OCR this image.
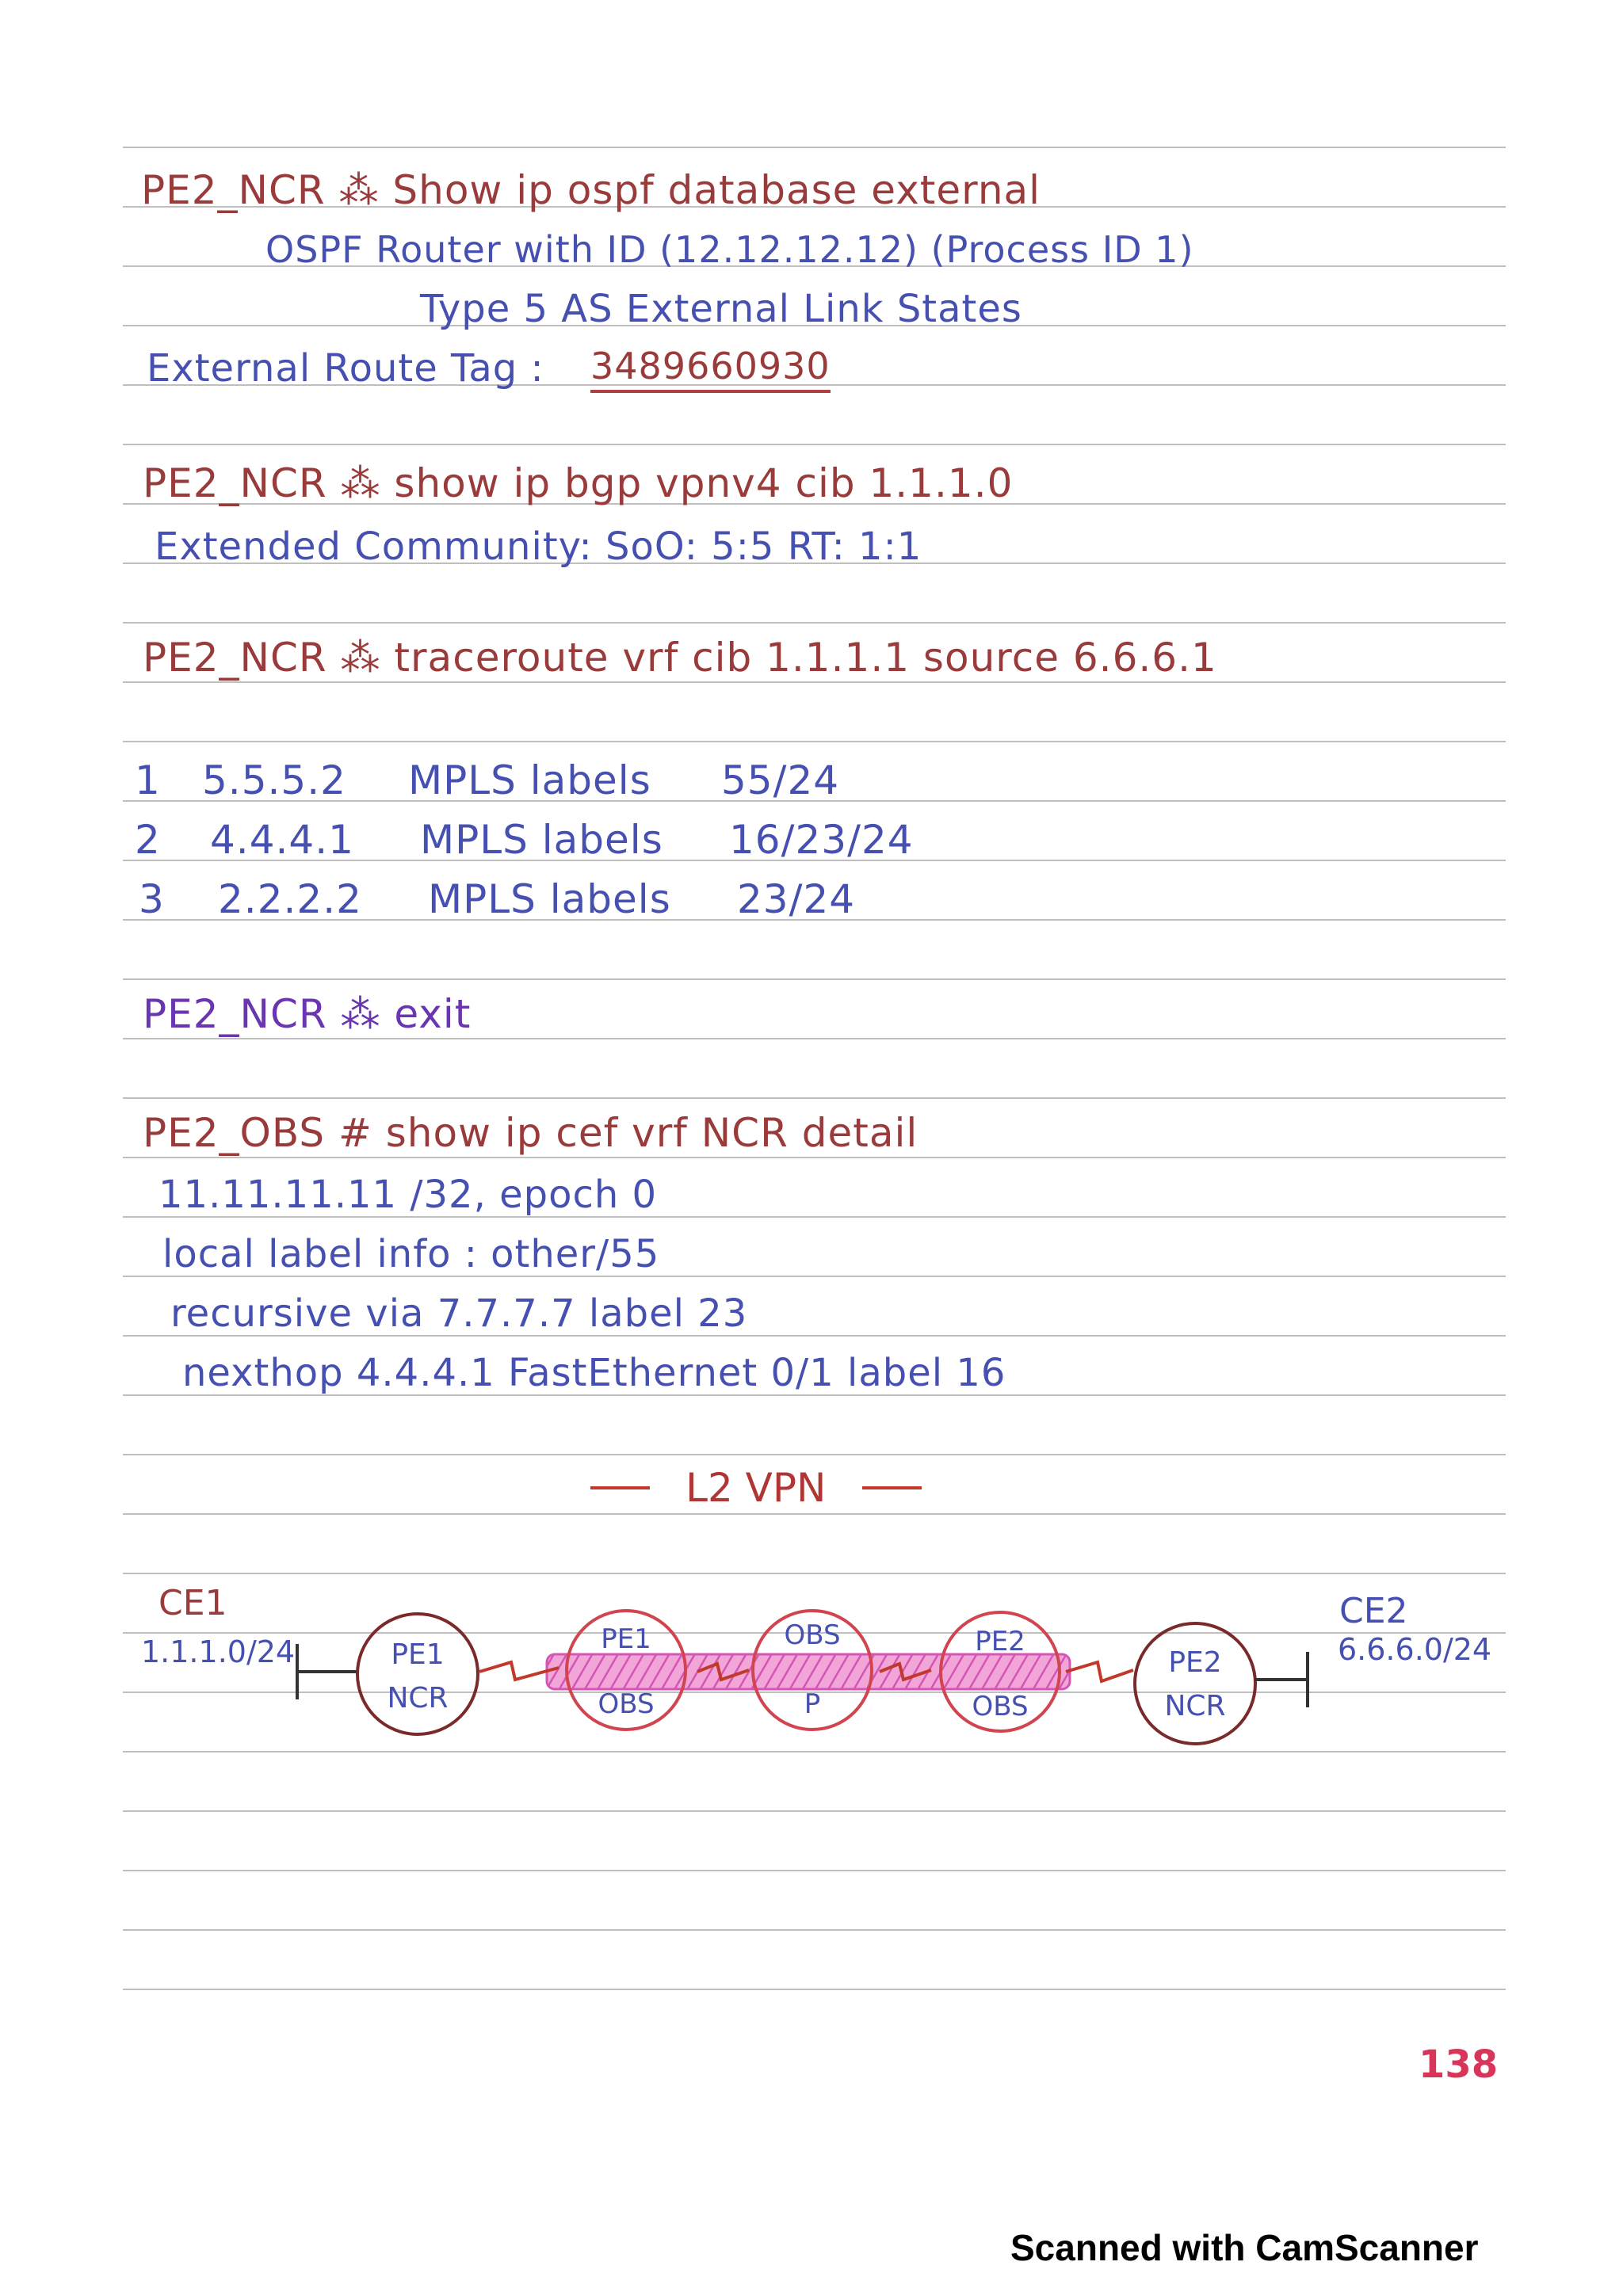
PE2_NCR ⁂ Show ip ospf database external
OSPF Router with ID (12.12.12.12) (Process ID 1)
Type 5 AS External Link States
External Route Tag : 3489660930
PE2_NCR ⁂ show ip bgp vpnv4 cib 1.1.1.0
Extended Community: SoO: 5:5 RT: 1:1
PE2_NCR ⁂ traceroute vrf cib 1.1.1.1 source 6.6.6.1
1 5.5.5.2 MPLS labels 55/24
2 4.4.4.1 MPLS labels 16/23/24
3 2.2.2.2 MPLS labels 23/24
PE2_NCR ⁂ exit
PE2_OBS # show ip cef vrf NCR detail
11.11.11.11 /32, epoch 0
local label info : other/55
recursive via 7.7.7.7 label 23
nexthop 4.4.4.1 FastEthernet 0/1 label 16
L2 VPN
CE1
1.1.1.0/24	PE1
NCR
PE1
OBS
OBS
P
PE2
OBS
PE2
NCR
CE2
6.6.6.0/24
138
Scanned with CamScanner
